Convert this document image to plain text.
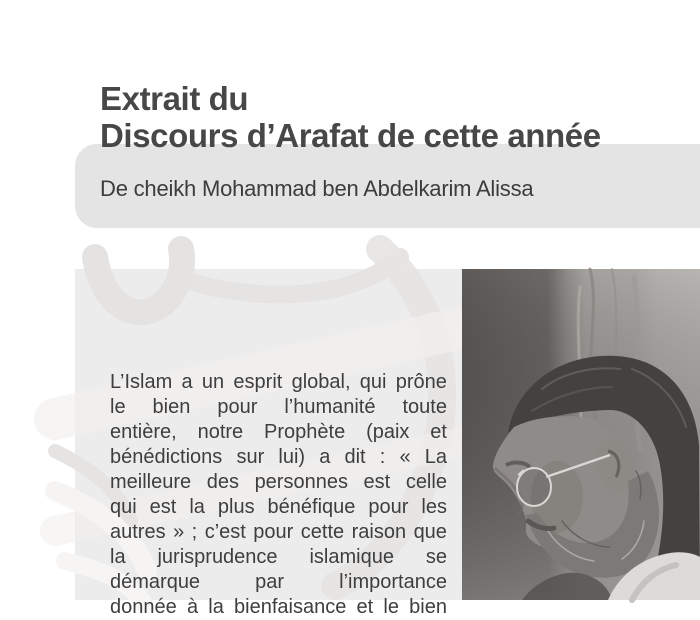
Extrait du
Discours d’Arafat de cette année
De cheikh Mohammad ben Abdelkarim Alissa
L’Islam a un esprit global, qui prône
le bien pour l’humanité toute
entière, notre Prophète (paix et
bénédictions sur lui) a dit : « La
meilleure des personnes est celle
qui est la plus bénéfique pour les
autres » ; c’est pour cette raison que
la jurisprudence islamique se
démarque	par	l’importance
donnée à la bienfaisance et le bien
